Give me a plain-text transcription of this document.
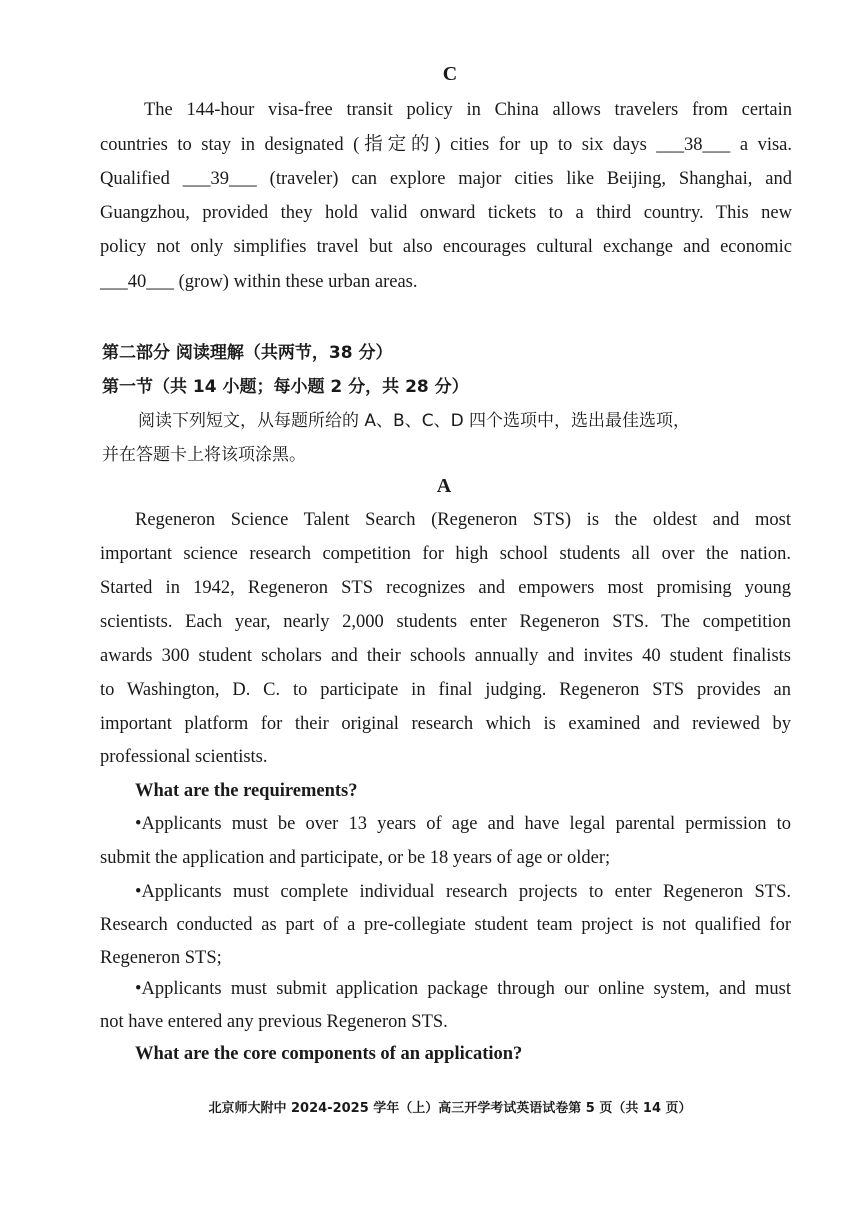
C
The 144-hour visa-free transit policy in China allows travelers from certain
countries to stay in designated (指定的) cities for up to six days ___38___ a visa.
Qualified ___39___ (traveler) can explore major cities like Beijing, Shanghai, and
Guangzhou, provided they hold valid onward tickets to a third country. This new
policy not only simplifies travel but also encourages cultural exchange and economic
___40___ (grow) within these urban areas.
第二部分 阅读理解（共两节，38 分）
第一节（共 14 小题；每小题 2 分，共 28 分）
阅读下列短文，从每题所给的 A、B、C、D 四个选项中，选出最佳选项，
并在答题卡上将该项涂黑。
A
Regeneron Science Talent Search (Regeneron STS) is the oldest and most
important science research competition for high school students all over the nation.
Started in 1942, Regeneron STS recognizes and empowers most promising young
scientists. Each year, nearly 2,000 students enter Regeneron STS. The competition
awards 300 student scholars and their schools annually and invites 40 student finalists
to Washington, D. C. to participate in final judging. Regeneron STS provides an
important platform for their original research which is examined and reviewed by
professional scientists.
What are the requirements?
•Applicants must be over 13 years of age and have legal parental permission to
submit the application and participate, or be 18 years of age or older;
•Applicants must complete individual research projects to enter Regeneron STS.
Research conducted as part of a pre-collegiate student team project is not qualified for
Regeneron STS;
•Applicants must submit application package through our online system, and must
not have entered any previous Regeneron STS.
What are the core components of an application?
北京师大附中 2024-2025 学年（上）高三开学考试英语试卷第 5 页（共 14 页）
